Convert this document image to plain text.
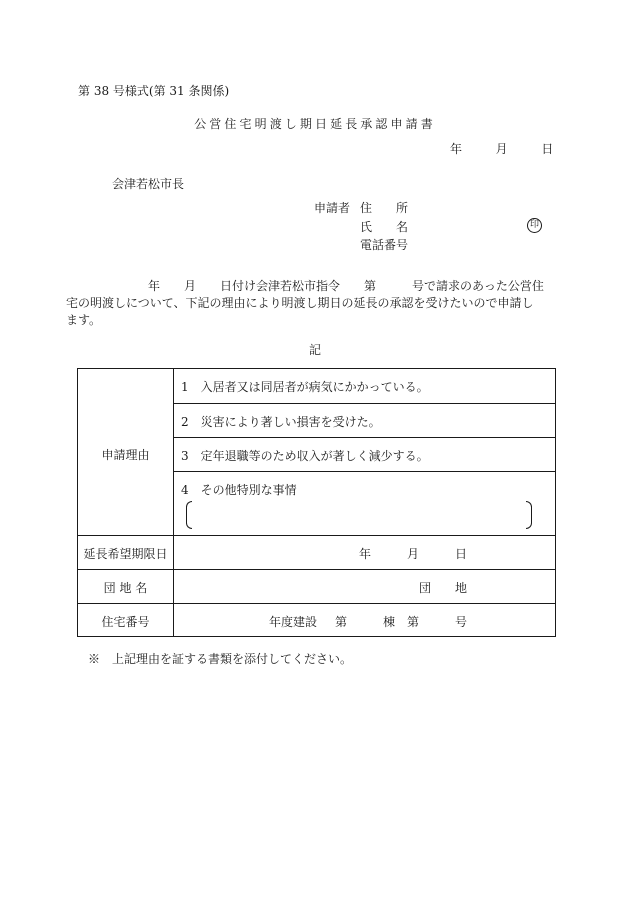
第 38 号様式(第 31 条関係)
公営住宅明渡し期日延長承認申請書
年	月	日
会津若松市長
申請者 住　　所
氏　　名	印
電話番号
年　　月　　日付け会津若松市指令　　第　　　号で請求のあった公営住
宅の明渡しについて、下記の理由により明渡し期日の延長の承認を受けたいので申請し
ます。
記
申請理由
1　入居者又は同居者が病気にかかっている。
2　災害により著しい損害を受けた。
3　定年退職等のため収入が著しく減少する。
4　その他特別な事情
延長希望期限日	年	月	日
団 地 名	団　　地
住宅番号	年度建設 第	棟 第	号
※　上記理由を証する書類を添付してください。
